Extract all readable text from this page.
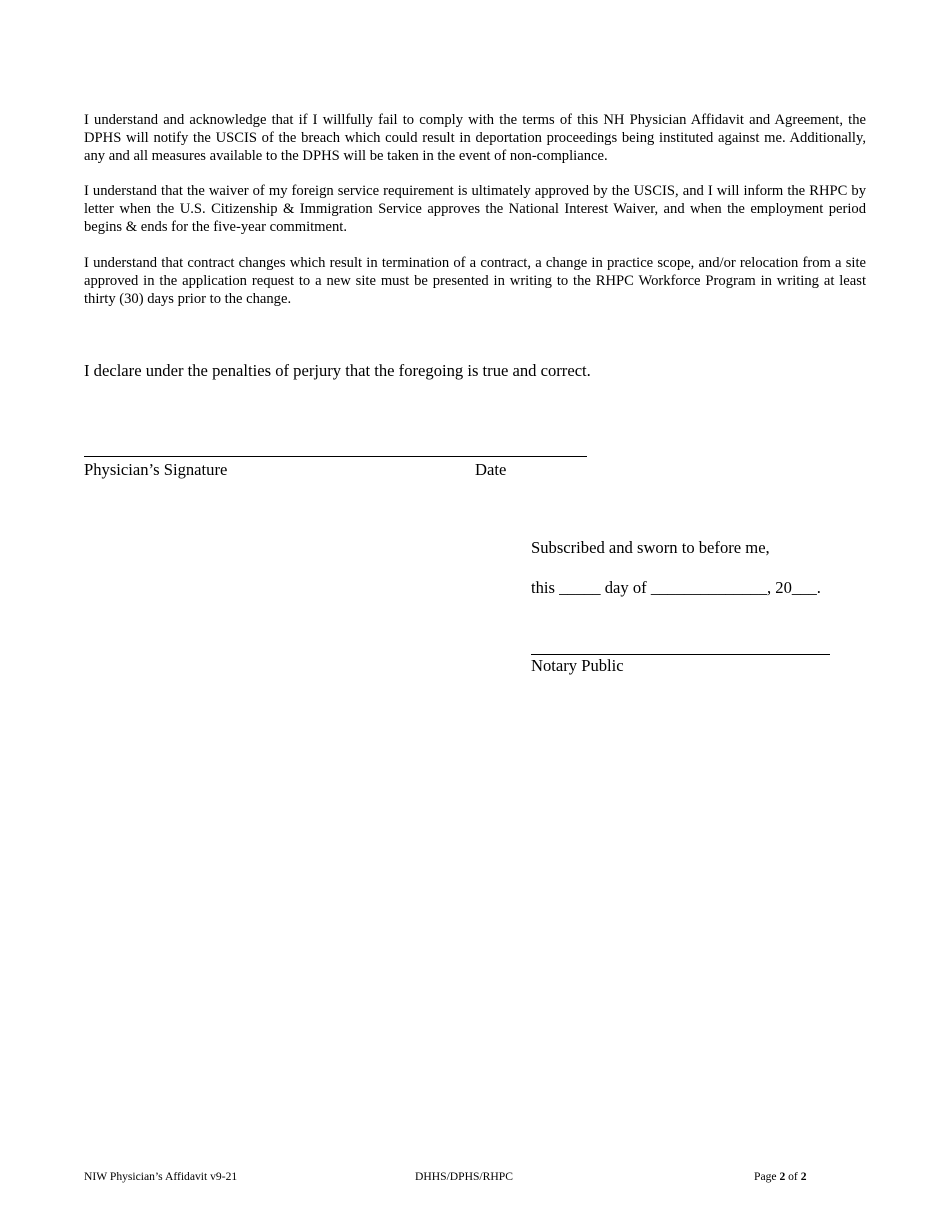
I understand and acknowledge that if I willfully fail to comply with the terms of this NH Physician Affidavit and Agreement, the DPHS will notify the USCIS of the breach which could result in deportation proceedings being instituted against me. Additionally, any and all measures available to the DPHS will be taken in the event of non-compliance.

I understand that the waiver of my foreign service requirement is ultimately approved by the USCIS, and I will inform the RHPC by letter when the U.S. Citizenship & Immigration Service approves the National Interest Waiver, and when the employment period begins & ends for the five-year commitment.

I understand that contract changes which result in termination of a contract, a change in practice scope, and/or relocation from a site approved in the application request to a new site must be presented in writing to the RHPC Workforce Program in writing at least thirty (30) days prior to the change.

I declare under the penalties of perjury that the foregoing is true and correct.

Physician’s Signature	Date

Subscribed and sworn to before me,

this _____ day of ______________, 20___.

Notary Public

NIW Physician’s Affidavit v9-21	DHHS/DPHS/RHPC	Page 2 of 2
